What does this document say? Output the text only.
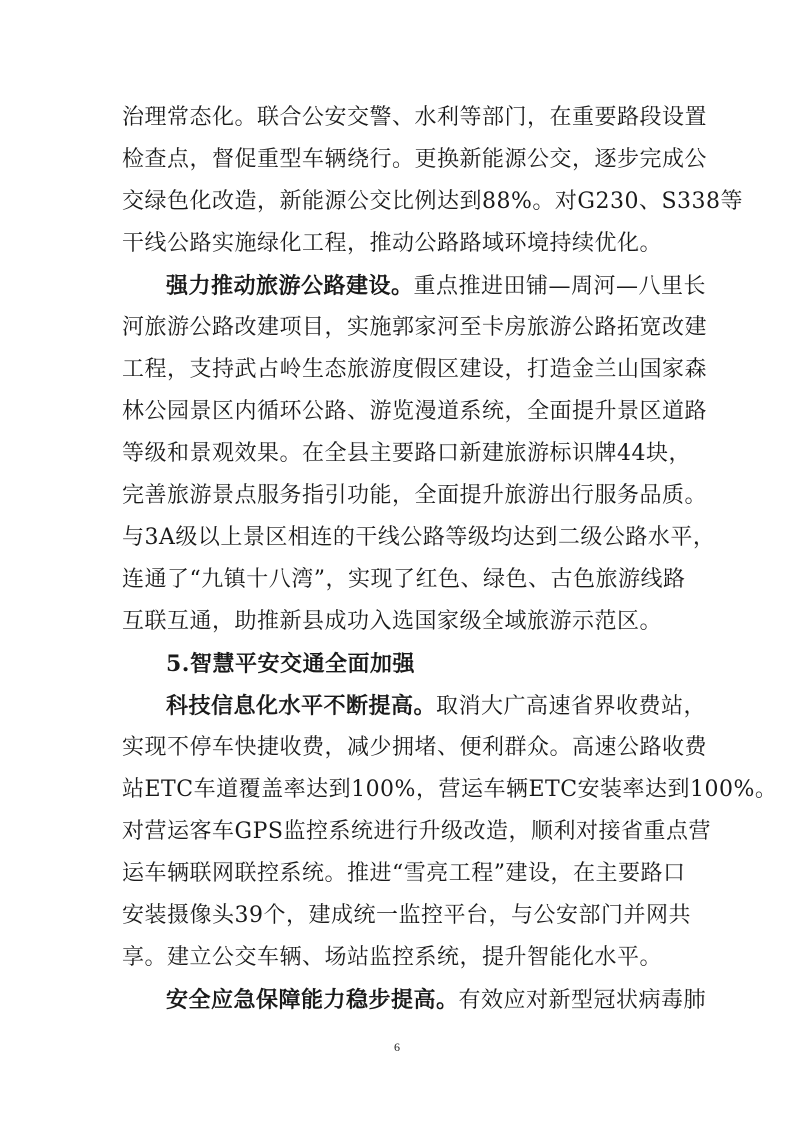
治理常态化。联合公安交警、水利等部门，在重要路段设置
检查点，督促重型车辆绕行。更换新能源公交，逐步完成公
交绿色化改造，新能源公交比例达到88%。对G230、S338等
干线公路实施绿化工程，推动公路路域环境持续优化。
强力推动旅游公路建设。重点推进田铺—周河—八里长
河旅游公路改建项目，实施郭家河至卡房旅游公路拓宽改建
工程，支持武占岭生态旅游度假区建设，打造金兰山国家森
林公园景区内循环公路、游览漫道系统，全面提升景区道路
等级和景观效果。在全县主要路口新建旅游标识牌44块，
完善旅游景点服务指引功能，全面提升旅游出行服务品质。
与3A级以上景区相连的干线公路等级均达到二级公路水平，
连通了“九镇十八湾”，实现了红色、绿色、古色旅游线路
互联互通，助推新县成功入选国家级全域旅游示范区。
5.智慧平安交通全面加强
科技信息化水平不断提高。取消大广高速省界收费站，
实现不停车快捷收费，减少拥堵、便利群众。高速公路收费
站ETC车道覆盖率达到100%，营运车辆ETC安装率达到100%。
对营运客车GPS监控系统进行升级改造，顺利对接省重点营
运车辆联网联控系统。推进“雪亮工程”建设，在主要路口
安装摄像头39个，建成统一监控平台，与公安部门并网共
享。建立公交车辆、场站监控系统，提升智能化水平。
安全应急保障能力稳步提高。有效应对新型冠状病毒肺
6
